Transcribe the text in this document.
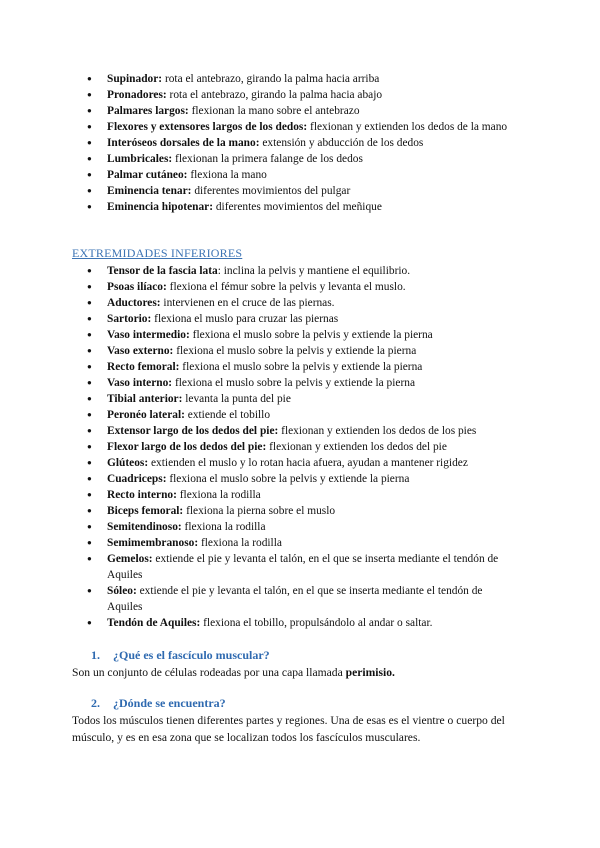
● Supinador: rota el antebrazo, girando la palma hacia arriba
● Pronadores: rota el antebrazo, girando la palma hacia abajo
● Palmares largos: flexionan la mano sobre el antebrazo
● Flexores y extensores largos de los dedos: flexionan y extienden los dedos de la mano
● Interóseos dorsales de la mano: extensión y abducción de los dedos
● Lumbricales: flexionan la primera falange de los dedos
● Palmar cutáneo: flexiona la mano
● Eminencia tenar: diferentes movimientos del pulgar
● Eminencia hipotenar: diferentes movimientos del meñique
EXTREMIDADES INFERIORES
● Tensor de la fascia lata: inclina la pelvis y mantiene el equilibrio.
● Psoas ilíaco: flexiona el fémur sobre la pelvis y levanta el muslo.
● Aductores: intervienen en el cruce de las piernas.
● Sartorio: flexiona el muslo para cruzar las piernas
● Vaso intermedio: flexiona el muslo sobre la pelvis y extiende la pierna
● Vaso externo: flexiona el muslo sobre la pelvis y extiende la pierna
● Recto femoral: flexiona el muslo sobre la pelvis y extiende la pierna
● Vaso interno: flexiona el muslo sobre la pelvis y extiende la pierna
● Tibial anterior: levanta la punta del pie
● Peronéo lateral: extiende el tobillo
● Extensor largo de los dedos del pie: flexionan y extienden los dedos de los pies
● Flexor largo de los dedos del pie: flexionan y extienden los dedos del pie
● Glúteos: extienden el muslo y lo rotan hacia afuera, ayudan a mantener rigidez
● Cuadriceps: flexiona el muslo sobre la pelvis y extiende la pierna
● Recto interno: flexiona la rodilla
● Biceps femoral: flexiona la pierna sobre el muslo
● Semitendinoso: flexiona la rodilla
● Semimembranoso: flexiona la rodilla
● Gemelos: extiende el pie y levanta el talón, en el que se inserta mediante el tendón de Aquiles
● Sóleo: extiende el pie y levanta el talón, en el que se inserta mediante el tendón de Aquiles
● Tendón de Aquiles: flexiona el tobillo, propulsándolo al andar o saltar.
1. ¿Qué es el fascículo muscular?
Son un conjunto de células rodeadas por una capa llamada perimisio.
2. ¿Dónde se encuentra?
Todos los músculos tienen diferentes partes y regiones. Una de esas es el vientre o cuerpo del músculo, y es en esa zona que se localizan todos los fascículos musculares.
